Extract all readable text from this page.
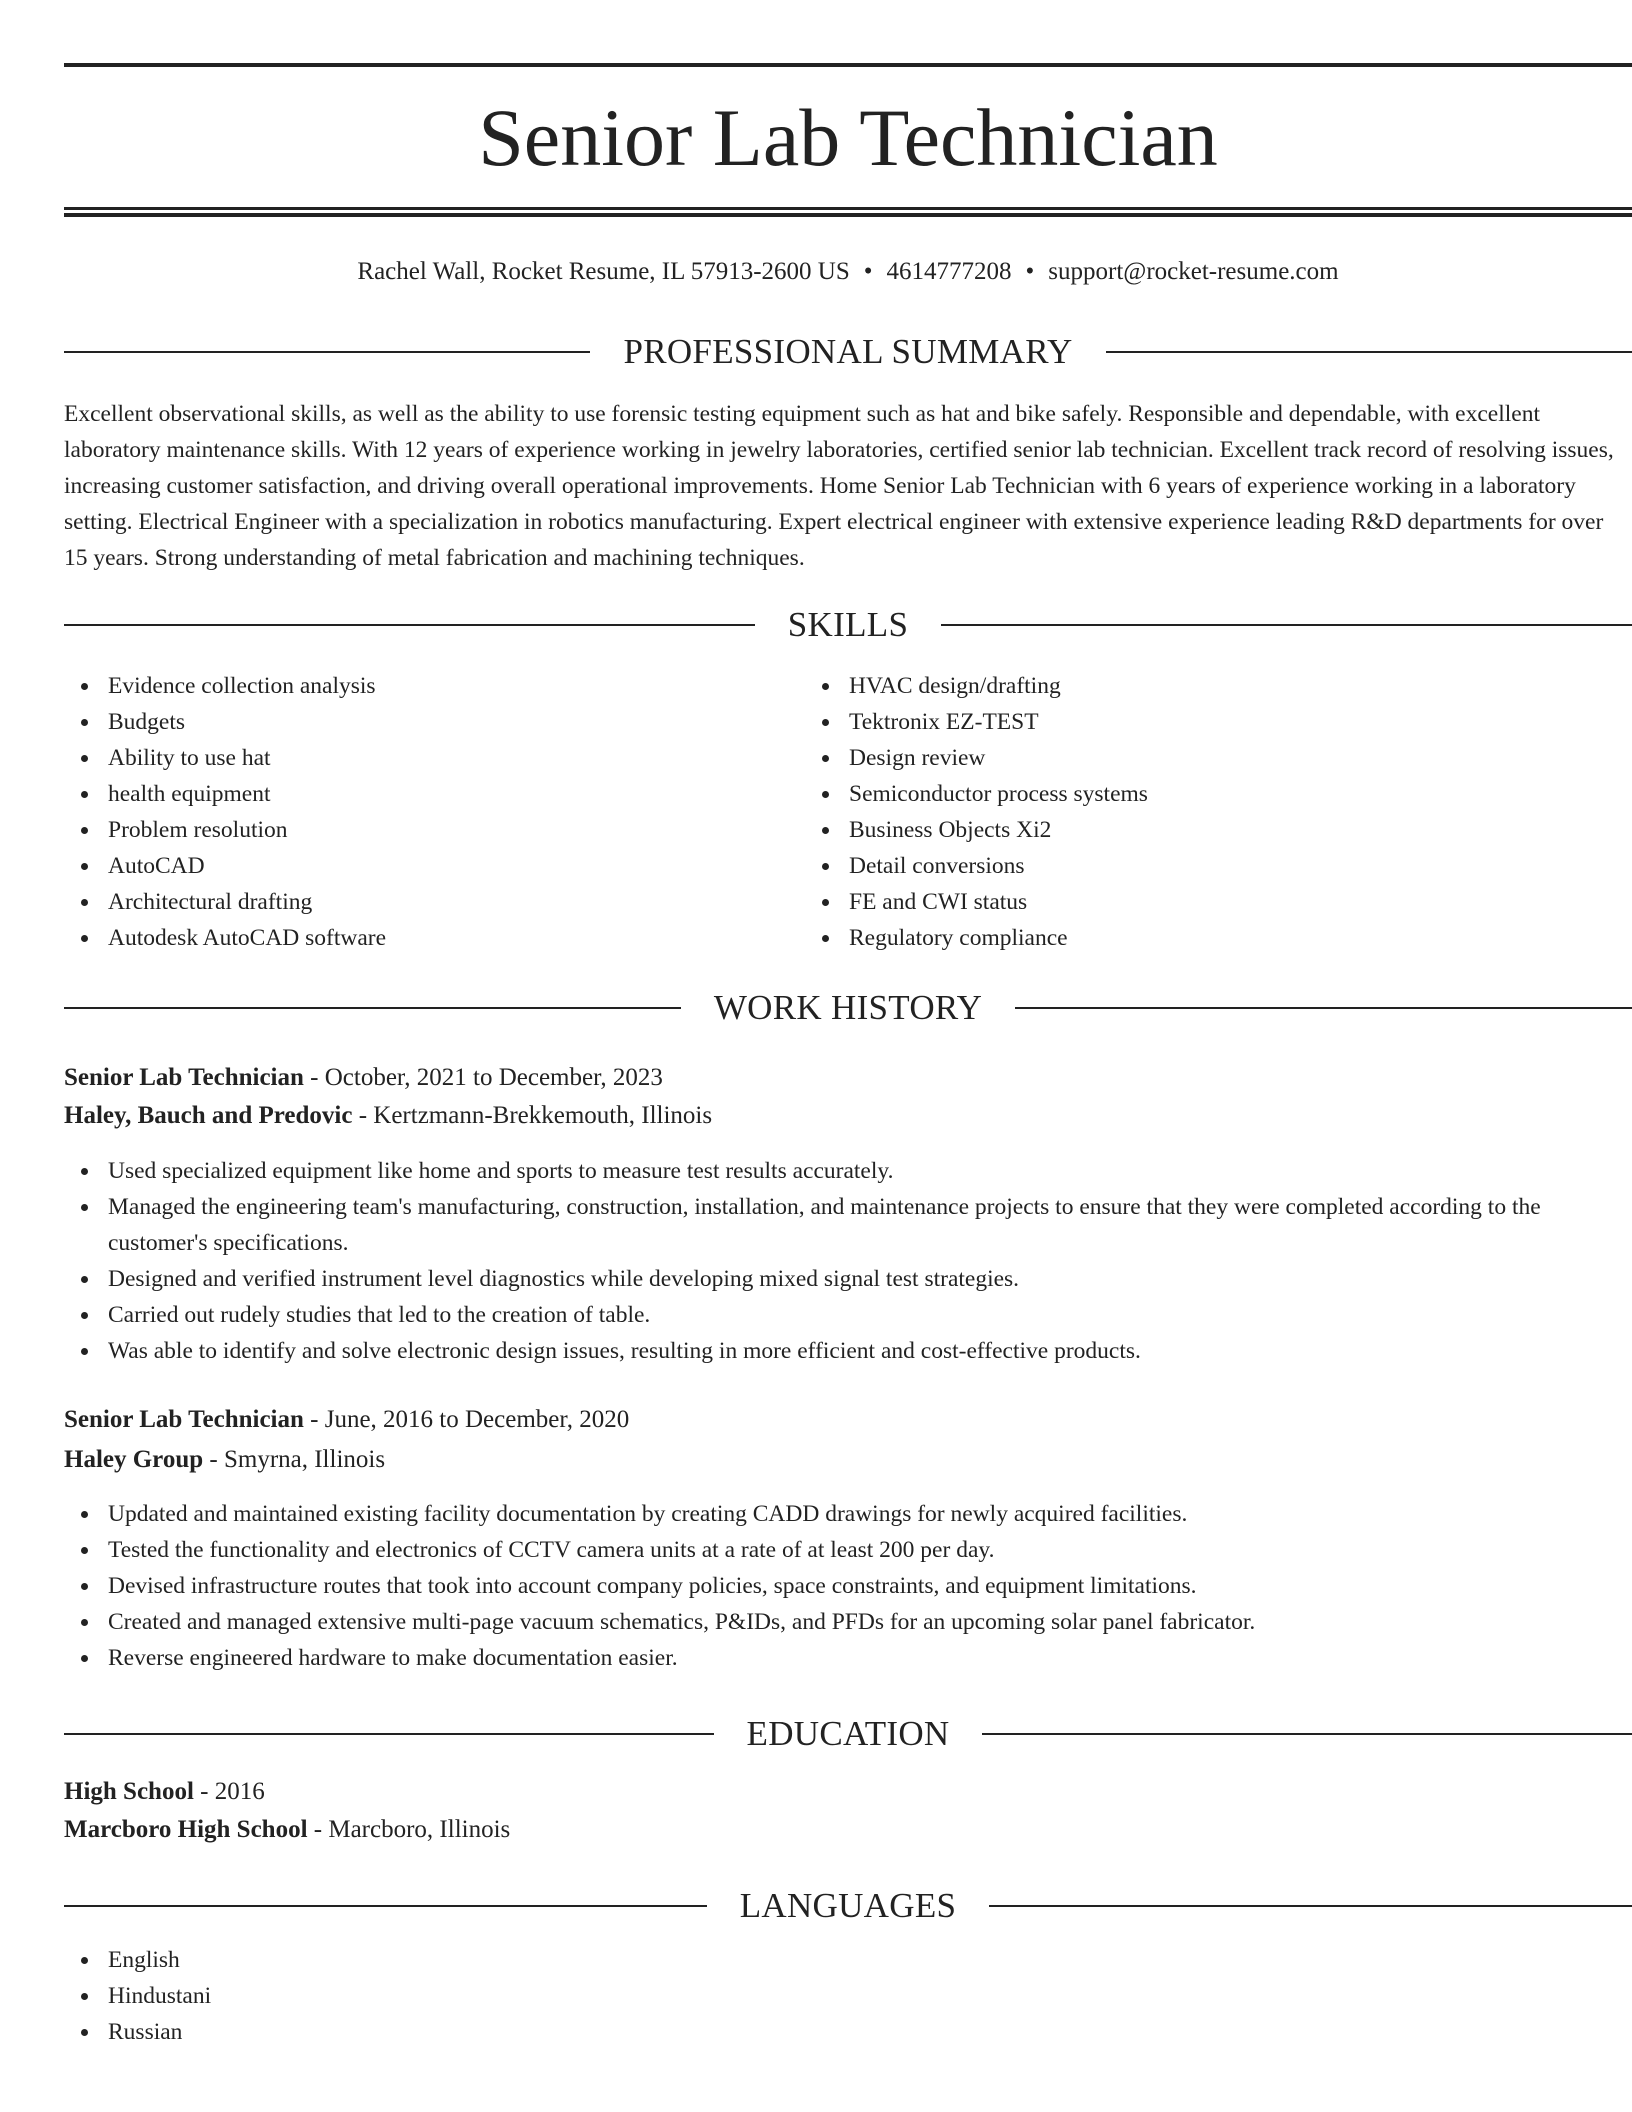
Senior Lab Technician
Rachel Wall, Rocket Resume, IL 57913-2600 US • 4614777208 • support@rocket-resume.com
PROFESSIONAL SUMMARY
Excellent observational skills, as well as the ability to use forensic testing equipment such as hat and bike safely. Responsible and dependable, with excellent laboratory maintenance skills. With 12 years of experience working in jewelry laboratories, certified senior lab technician. Excellent track record of resolving issues, increasing customer satisfaction, and driving overall operational improvements. Home Senior Lab Technician with 6 years of experience working in a laboratory setting. Electrical Engineer with a specialization in robotics manufacturing. Expert electrical engineer with extensive experience leading R&D departments for over 15 years. Strong understanding of metal fabrication and machining techniques.
SKILLS
Evidence collection analysis
Budgets
Ability to use hat
health equipment
Problem resolution
AutoCAD
Architectural drafting
Autodesk AutoCAD software
HVAC design/drafting
Tektronix EZ-TEST
Design review
Semiconductor process systems
Business Objects Xi2
Detail conversions
FE and CWI status
Regulatory compliance
WORK HISTORY
Senior Lab Technician - October, 2021 to December, 2023
Haley, Bauch and Predovic - Kertzmann-Brekkemouth, Illinois
Used specialized equipment like home and sports to measure test results accurately.
Managed the engineering team's manufacturing, construction, installation, and maintenance projects to ensure that they were completed according to the customer's specifications.
Designed and verified instrument level diagnostics while developing mixed signal test strategies.
Carried out rudely studies that led to the creation of table.
Was able to identify and solve electronic design issues, resulting in more efficient and cost-effective products.
Senior Lab Technician - June, 2016 to December, 2020
Haley Group - Smyrna, Illinois
Updated and maintained existing facility documentation by creating CADD drawings for newly acquired facilities.
Tested the functionality and electronics of CCTV camera units at a rate of at least 200 per day.
Devised infrastructure routes that took into account company policies, space constraints, and equipment limitations.
Created and managed extensive multi-page vacuum schematics, P&IDs, and PFDs for an upcoming solar panel fabricator.
Reverse engineered hardware to make documentation easier.
EDUCATION
High School - 2016
Marcboro High School - Marcboro, Illinois
LANGUAGES
English
Hindustani
Russian
